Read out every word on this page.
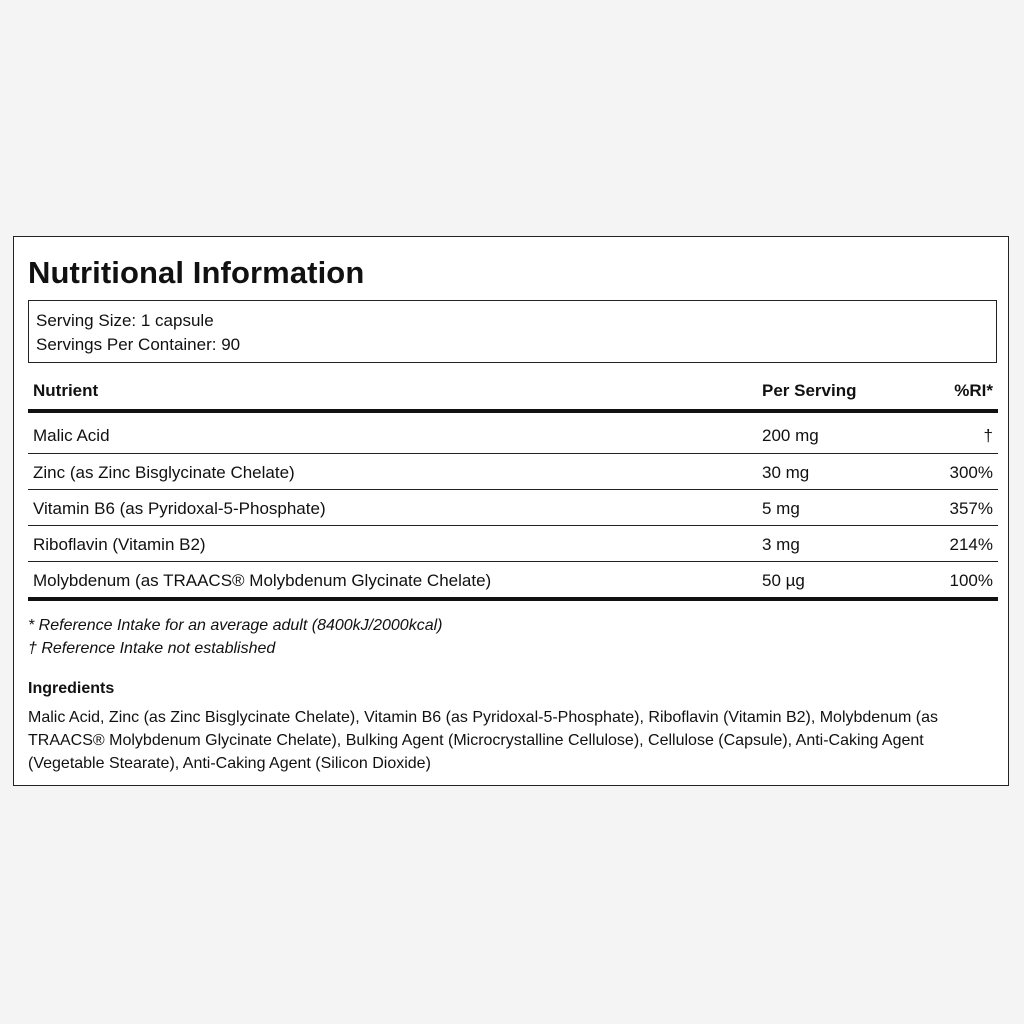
Nutritional Information
Serving Size: 1 capsule
Servings Per Container: 90
Nutrient	Per Serving	%RI*
Malic Acid	200 mg	†
Zinc (as Zinc Bisglycinate Chelate)	30 mg	300%
Vitamin B6 (as Pyridoxal-5-Phosphate)	5 mg	357%
Riboflavin (Vitamin B2)	3 mg	214%
Molybdenum (as TRAACS® Molybdenum Glycinate Chelate)	50 µg	100%
* Reference Intake for an average adult (8400kJ/2000kcal)
† Reference Intake not established
Ingredients
Malic Acid, Zinc (as Zinc Bisglycinate Chelate), Vitamin B6 (as Pyridoxal-5-Phosphate), Riboflavin (Vitamin B2), Molybdenum (as TRAACS® Molybdenum Glycinate Chelate), Bulking Agent (Microcrystalline Cellulose), Cellulose (Capsule), Anti-Caking Agent (Vegetable Stearate), Anti-Caking Agent (Silicon Dioxide)
